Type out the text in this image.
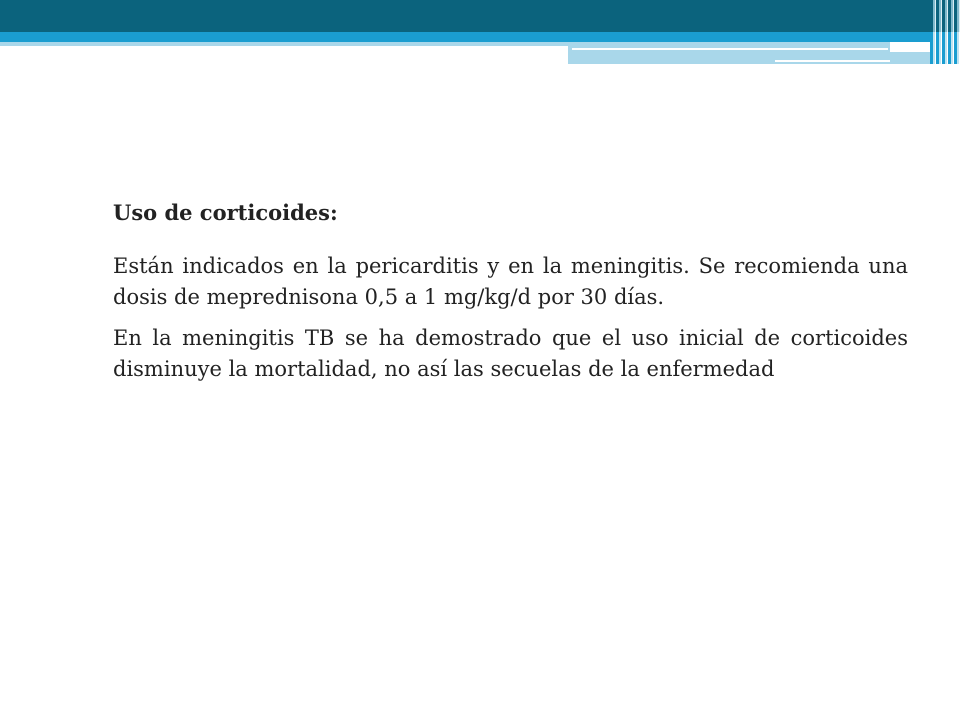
Uso de corticoides:

Están indicados en la pericarditis y en la meningitis. Se recomienda una dosis de meprednisona 0,5 a 1 mg/kg/d por 30 días.

En la meningitis TB se ha demostrado que el uso inicial de corticoides disminuye la mortalidad, no así las secuelas de la enfermedad
